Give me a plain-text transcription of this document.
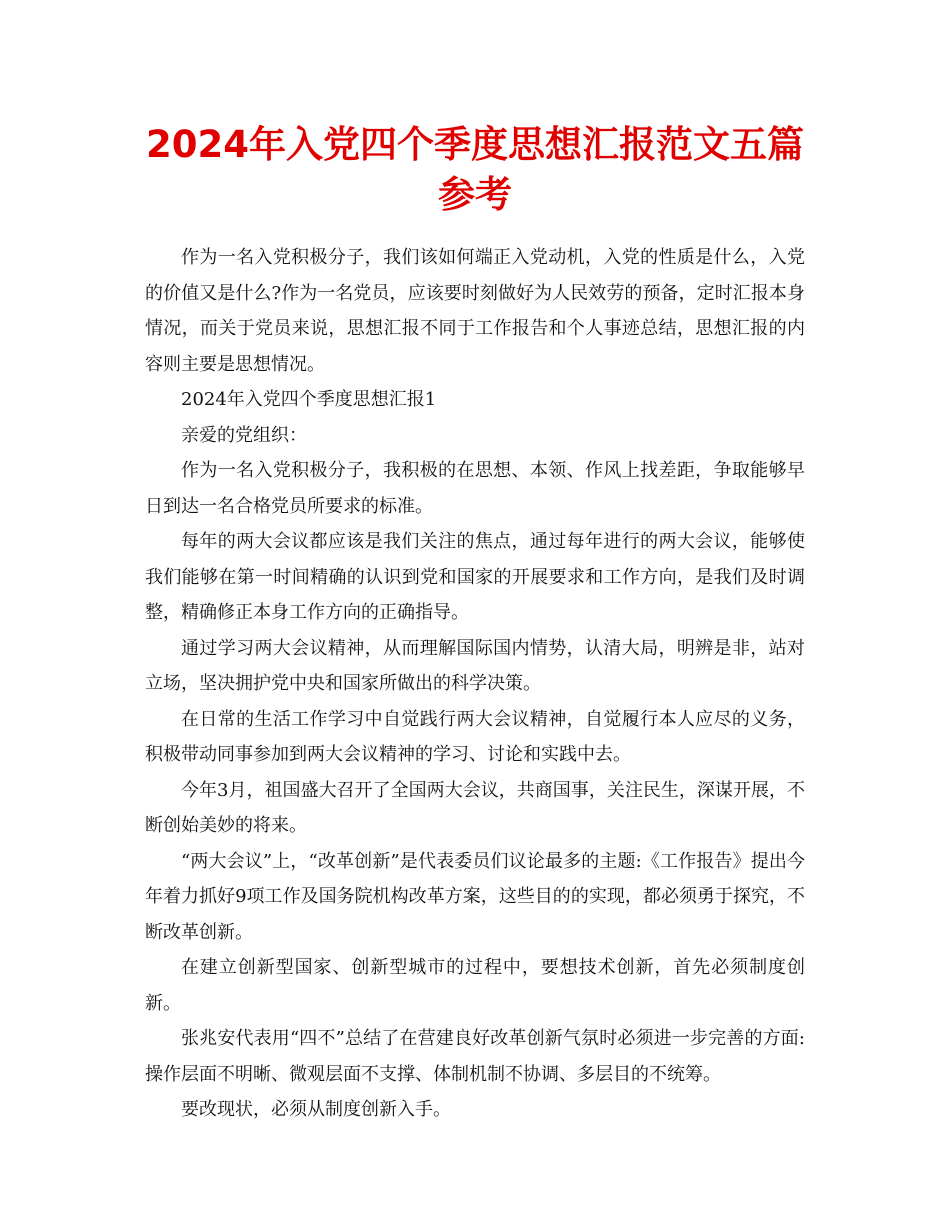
2024年入党四个季度思想汇报范文五篇参考

作为一名入党积极分子，我们该如何端正入党动机，入党的性质是什么，入党的价值又是什么?作为一名党员，应该要时刻做好为人民效劳的预备，定时汇报本身情况，而关于党员来说，思想汇报不同于工作报告和个人事迹总结，思想汇报的内容则主要是思想情况。

2024年入党四个季度思想汇报1

亲爱的党组织：

作为一名入党积极分子，我积极的在思想、本领、作风上找差距，争取能够早日到达一名合格党员所要求的标准。

每年的两大会议都应该是我们关注的焦点，通过每年进行的两大会议，能够使我们能够在第一时间精确的认识到党和国家的开展要求和工作方向，是我们及时调整，精确修正本身工作方向的正确指导。

通过学习两大会议精神，从而理解国际国内情势，认清大局，明辨是非，站对立场，坚决拥护党中央和国家所做出的科学决策。

在日常的生活工作学习中自觉践行两大会议精神，自觉履行本人应尽的义务，积极带动同事参加到两大会议精神的学习、讨论和实践中去。

今年3月，祖国盛大召开了全国两大会议，共商国事，关注民生，深谋开展，不断创始美妙的将来。

“两大会议”上，“改革创新”是代表委员们议论最多的主题:《工作报告》提出今年着力抓好9项工作及国务院机构改革方案，这些目的的实现，都必须勇于探究，不断改革创新。

在建立创新型国家、创新型城市的过程中，要想技术创新，首先必须制度创新。

张兆安代表用“四不”总结了在营建良好改革创新气氛时必须进一步完善的方面:操作层面不明晰、微观层面不支撑、体制机制不协调、多层目的不统筹。

要改现状，必须从制度创新入手。
